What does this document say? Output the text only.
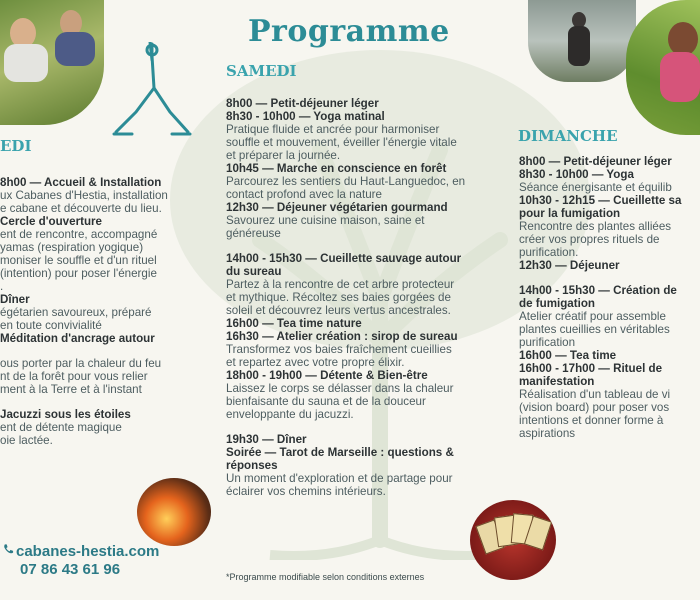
Programme
EDI
SAMEDI
DIMANCHE
8h00 — Accueil & Installation
ux Cabanes d'Hestia, installation
e cabane et découverte du lieu.
Cercle d'ouverture
ent de rencontre, accompagné
yamas (respiration yogique)
moniser le souffle et d'un rituel
(intention) pour poser l'énergie
.
Dîner
égétarien savoureux, préparé
en toute convivialité
Méditation d'ancrage autour
ous porter par la chaleur du feu
nt de la forêt pour vous relier
ment à la Terre et à l'instant
Jacuzzi sous les étoiles
ent de détente magique
oie lactée.
8h00 — Petit-déjeuner léger
8h30 - 10h00 — Yoga matinal
Pratique fluide et ancrée pour harmoniser
souffle et mouvement, éveiller l'énergie vitale
et préparer la journée.
10h45 — Marche en conscience en forêt
Parcourez les sentiers du Haut-Languedoc, en
contact profond avec la nature
12h30 — Déjeuner végétarien gourmand
Savourez une cuisine maison, saine et
généreuse
14h00 - 15h30 — Cueillette sauvage autour
du sureau
Partez à la rencontre de cet arbre protecteur
et mythique. Récoltez ses baies gorgées de
soleil et découvrez leurs vertus ancestrales.
16h00 — Tea time nature
16h30 — Atelier création : sirop de sureau
Transformez vos baies fraîchement cueillies
et repartez avec votre propre élixir.
18h00 - 19h00 — Détente & Bien-être
Laissez le corps se délasser dans la chaleur
bienfaisante du sauna et de la douceur
enveloppante du jacuzzi.
19h30 — Dîner
Soirée — Tarot de Marseille : questions &
réponses
Un moment d'exploration et de partage pour
éclairer vos chemins intérieurs.
8h00 — Petit-déjeuner léger
8h30 - 10h00 — Yoga
Séance énergisante et équilib
10h30 - 12h15 — Cueillette sa
pour la fumigation
Rencontre des plantes alliées
créer vos propres rituels de
purification.
12h30 — Déjeuner
14h00 - 15h30 — Création de
de fumigation
Atelier créatif pour assemble
plantes cueillies en véritables
purification
16h00 — Tea time
16h00 - 17h00 — Rituel de
manifestation
Réalisation d'un tableau de vi
(vision board) pour poser vos
intentions et donner forme à
aspirations
cabanes-hestia.com
07 86 43 61 96	*Programme modifiable selon conditions externes
